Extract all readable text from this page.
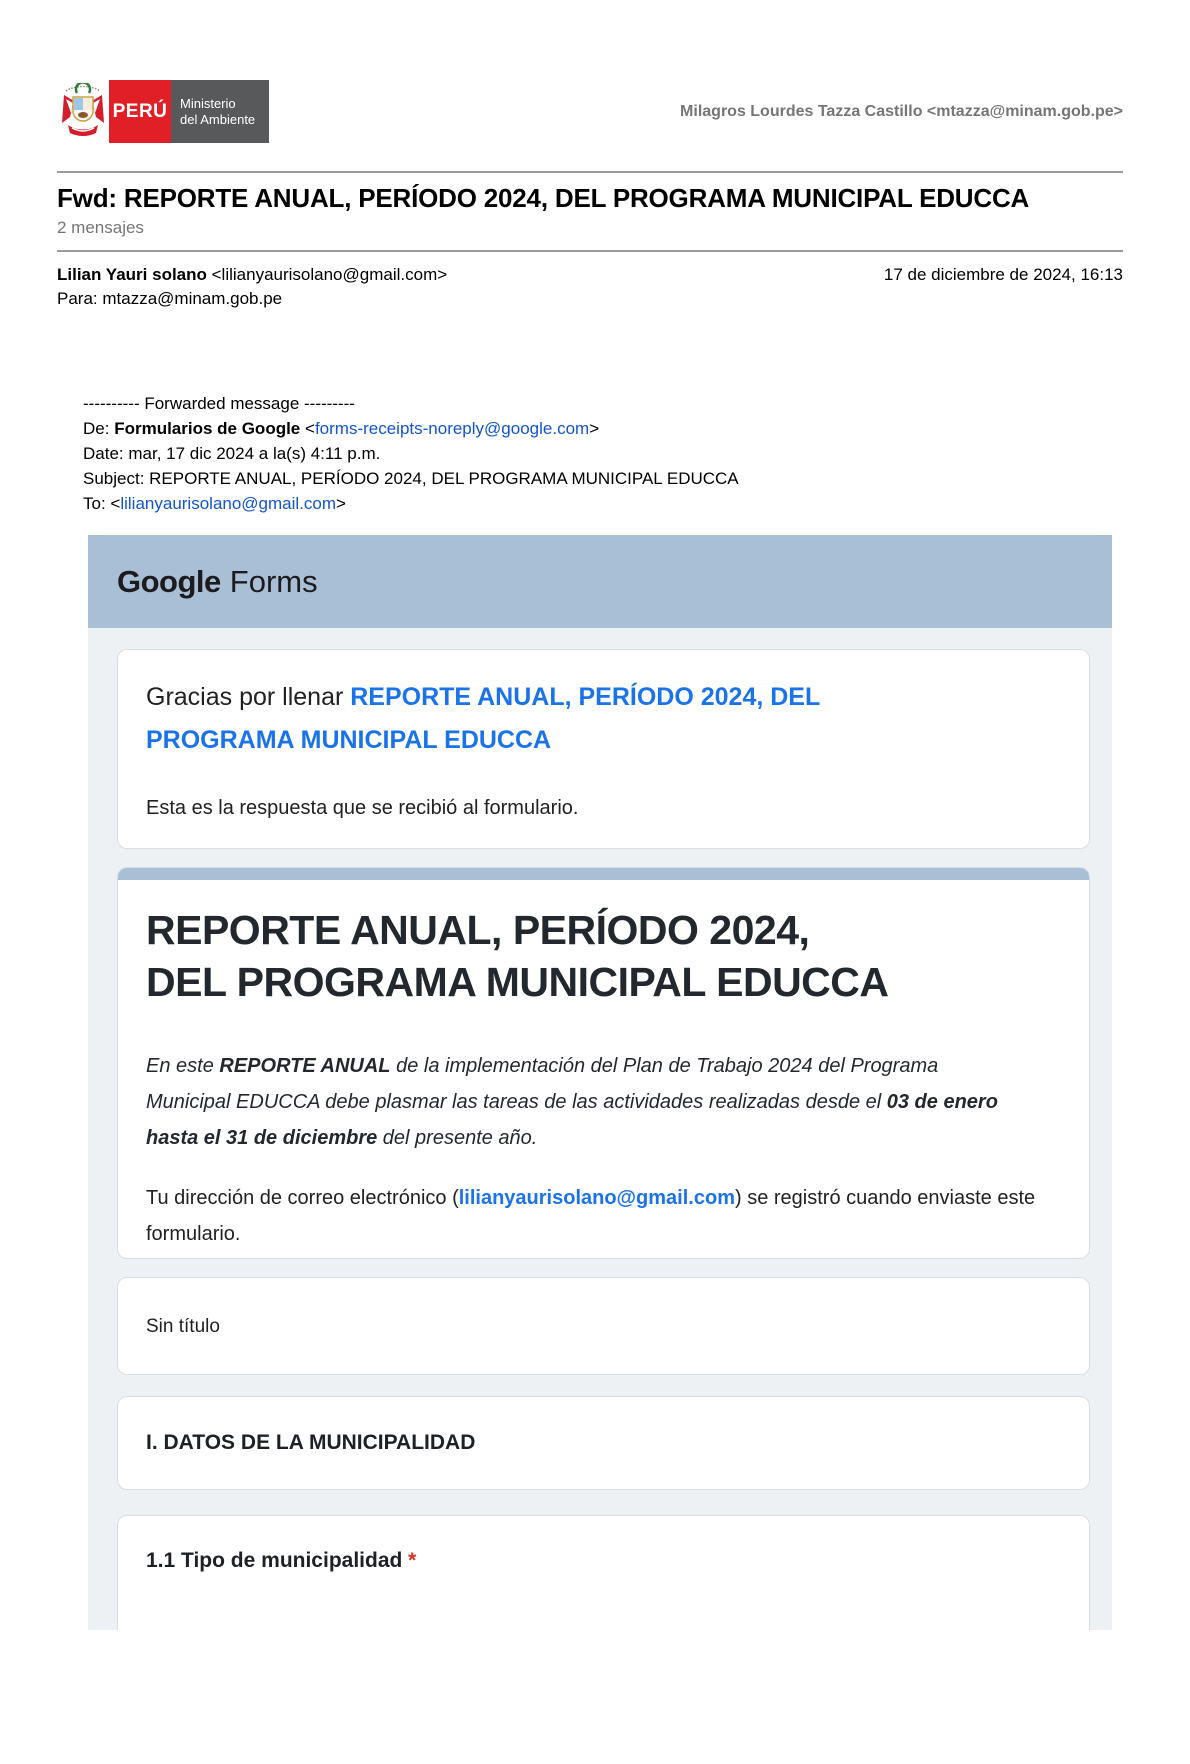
PERÚ Ministerio
del Ambiente	Milagros Lourdes Tazza Castillo <mtazza@minam.gob.pe>
Fwd: REPORTE ANUAL, PERÍODO 2024, DEL PROGRAMA MUNICIPAL EDUCCA
2 mensajes
Lilian Yauri solano <lilianyaurisolano@gmail.com>	17 de diciembre de 2024, 16:13
Para: mtazza@minam.gob.pe
---------- Forwarded message ---------
De: Formularios de Google <forms-receipts-noreply@google.com>
Date: mar, 17 dic 2024 a la(s) 4:11 p.m.
Subject: REPORTE ANUAL, PERÍODO 2024, DEL PROGRAMA MUNICIPAL EDUCCA
To: <lilianyaurisolano@gmail.com>
Google Forms
Gracias por llenar REPORTE ANUAL, PERÍODO 2024, DEL PROGRAMA MUNICIPAL EDUCCA

Esta es la respuesta que se recibió al formulario.

REPORTE ANUAL, PERÍODO 2024,
DEL PROGRAMA MUNICIPAL EDUCCA
En este REPORTE ANUAL de la implementación del Plan de Trabajo 2024 del Programa
Municipal EDUCCA debe plasmar las tareas de las actividades realizadas desde el 03 de enero
hasta el 31 de diciembre del presente año.

Tu dirección de correo electrónico (lilianyaurisolano@gmail.com) se registró cuando enviaste este formulario.

Sin título
I. DATOS DE LA MUNICIPALIDAD
1.1 Tipo de municipalidad *
